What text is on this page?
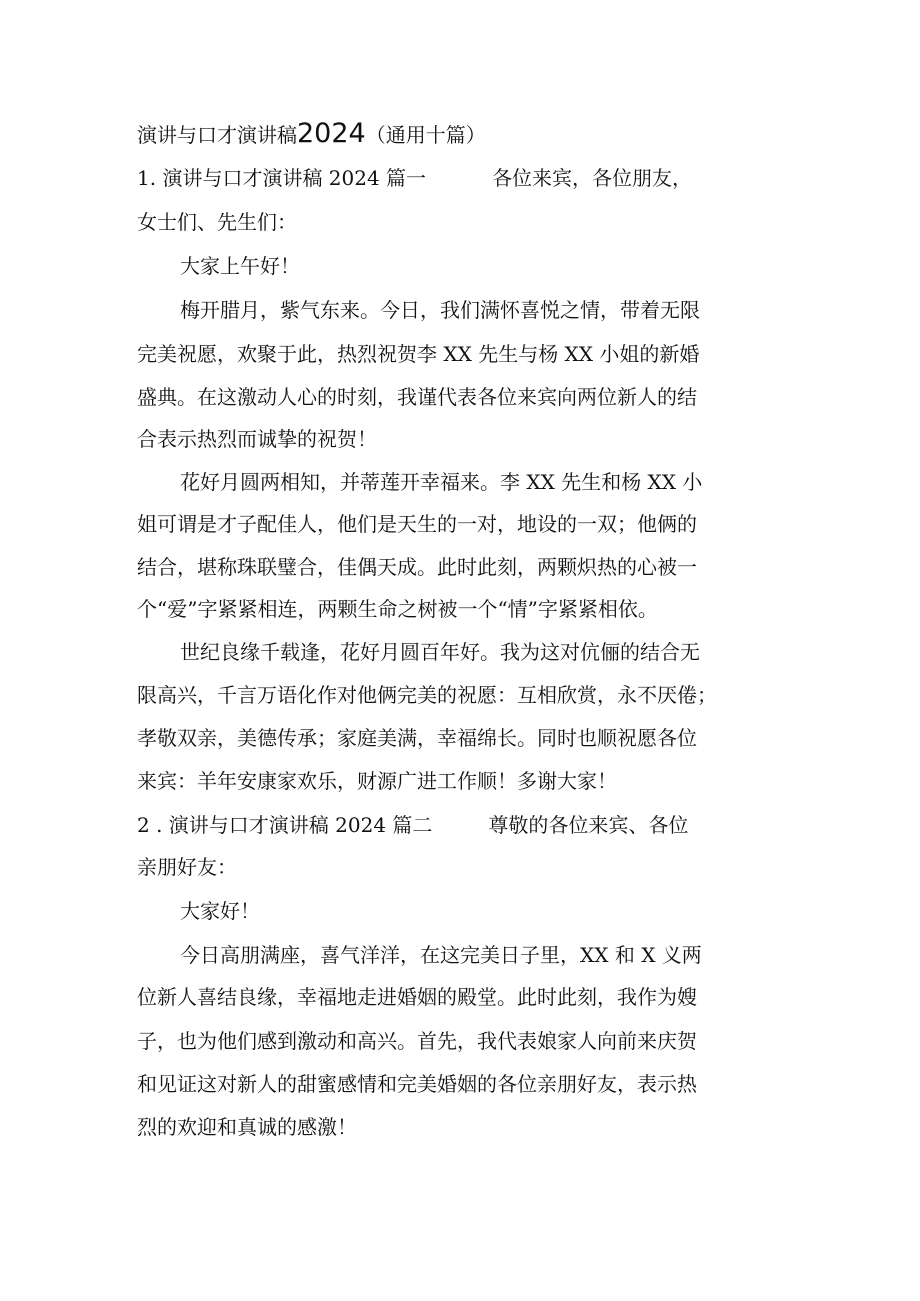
演讲与口才演讲稿2024（通用十篇）
1. 演讲与口才演讲稿 2024 篇一	各位来宾，各位朋友，
女士们、先生们：
大家上午好！
梅开腊月，紫气东来。今日，我们满怀喜悦之情，带着无限
完美祝愿，欢聚于此，热烈祝贺李 XX 先生与杨 XX 小姐的新婚
盛典。在这激动人心的时刻，我谨代表各位来宾向两位新人的结
合表示热烈而诚挚的祝贺！
花好月圆两相知，并蒂莲开幸福来。李 XX 先生和杨 XX 小
姐可谓是才子配佳人，他们是天生的一对，地设的一双；他俩的
结合，堪称珠联璧合，佳偶天成。此时此刻，两颗炽热的心被一
个“爱”字紧紧相连，两颗生命之树被一个“情”字紧紧相依。
世纪良缘千载逢，花好月圆百年好。我为这对伉俪的结合无
限高兴，千言万语化作对他俩完美的祝愿：互相欣赏，永不厌倦；
孝敬双亲，美德传承；家庭美满，幸福绵长。同时也顺祝愿各位
来宾：羊年安康家欢乐，财源广进工作顺！多谢大家！
2 . 演讲与口才演讲稿 2024 篇二	尊敬的各位来宾、各位
亲朋好友：
大家好！
今日高朋满座，喜气洋洋，在这完美日子里，XX 和 X 义两
位新人喜结良缘，幸福地走进婚姻的殿堂。此时此刻，我作为嫂
子，也为他们感到激动和高兴。首先，我代表娘家人向前来庆贺
和见证这对新人的甜蜜感情和完美婚姻的各位亲朋好友，表示热
烈的欢迎和真诚的感激！
